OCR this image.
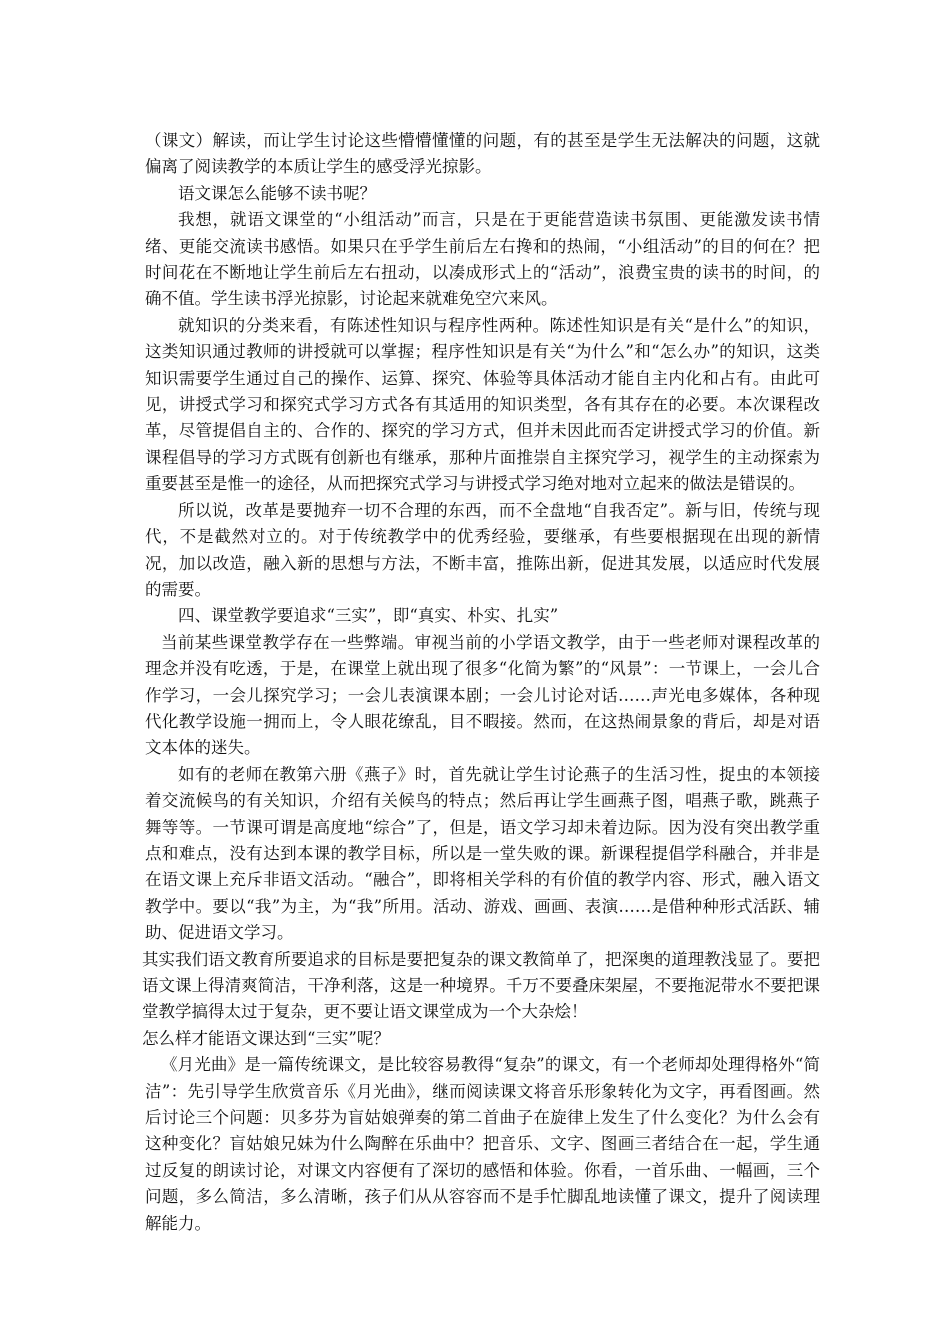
（课文）解读，而让学生讨论这些懵懵懂懂的问题，有的甚至是学生无法解决的问题，这就偏离了阅读教学的本质让学生的感受浮光掠影。

语文课怎么能够不读书呢？

我想，就语文课堂的“小组活动”而言，只是在于更能营造读书氛围、更能激发读书情绪、更能交流读书感悟。如果只在乎学生前后左右搀和的热闹，“小组活动”的目的何在？把时间花在不断地让学生前后左右扭动，以凑成形式上的“活动”，浪费宝贵的读书的时间，的确不值。学生读书浮光掠影，讨论起来就难免空穴来风。

就知识的分类来看，有陈述性知识与程序性两种。陈述性知识是有关“是什么”的知识，这类知识通过教师的讲授就可以掌握；程序性知识是有关“为什么”和“怎么办”的知识，这类知识需要学生通过自己的操作、运算、探究、体验等具体活动才能自主内化和占有。由此可见，讲授式学习和探究式学习方式各有其适用的知识类型，各有其存在的必要。本次课程改革，尽管提倡自主的、合作的、探究的学习方式，但并未因此而否定讲授式学习的价值。新课程倡导的学习方式既有创新也有继承，那种片面推崇自主探究学习，视学生的主动探索为重要甚至是惟一的途径，从而把探究式学习与讲授式学习绝对地对立起来的做法是错误的。

所以说，改革是要抛弃一切不合理的东西，而不全盘地“自我否定”。新与旧，传统与现代，不是截然对立的。对于传统教学中的优秀经验，要继承，有些要根据现在出现的新情况，加以改造，融入新的思想与方法，不断丰富，推陈出新，促进其发展，以适应时代发展的需要。

四、课堂教学要追求“三实”，即“真实、朴实、扎实”

当前某些课堂教学存在一些弊端。审视当前的小学语文教学，由于一些老师对课程改革的理念并没有吃透，于是，在课堂上就出现了很多“化简为繁”的“风景”：一节课上，一会儿合作学习，一会儿探究学习；一会儿表演课本剧；一会儿讨论对话……声光电多媒体，各种现代化教学设施一拥而上，令人眼花缭乱，目不暇接。然而，在这热闹景象的背后，却是对语文本体的迷失。

如有的老师在教第六册《燕子》时，首先就让学生讨论燕子的生活习性，捉虫的本领接着交流候鸟的有关知识，介绍有关候鸟的特点；然后再让学生画燕子图，唱燕子歌，跳燕子舞等等。一节课可谓是高度地“综合”了，但是，语文学习却未着边际。因为没有突出教学重点和难点，没有达到本课的教学目标，所以是一堂失败的课。新课程提倡学科融合，并非是在语文课上充斥非语文活动。“融合”，即将相关学科的有价值的教学内容、形式，融入语文教学中。要以“我”为主，为“我”所用。活动、游戏、画画、表演……是借种种形式活跃、辅助、促进语文学习。

其实我们语文教育所要追求的目标是要把复杂的课文教简单了，把深奥的道理教浅显了。要把语文课上得清爽简洁，干净利落，这是一种境界。千万不要叠床架屋，不要拖泥带水不要把课堂教学搞得太过于复杂，更不要让语文课堂成为一个大杂烩！

怎么样才能语文课达到“三实”呢？

《月光曲》是一篇传统课文，是比较容易教得“复杂”的课文，有一个老师却处理得格外“简洁”：先引导学生欣赏音乐《月光曲》，继而阅读课文将音乐形象转化为文字，再看图画。然后讨论三个问题：贝多芬为盲姑娘弹奏的第二首曲子在旋律上发生了什么变化？为什么会有这种变化？盲姑娘兄妹为什么陶醉在乐曲中？把音乐、文字、图画三者结合在一起，学生通过反复的朗读讨论，对课文内容便有了深切的感悟和体验。你看，一首乐曲、一幅画，三个问题，多么简洁，多么清晰，孩子们从从容容而不是手忙脚乱地读懂了课文，提升了阅读理解能力。
